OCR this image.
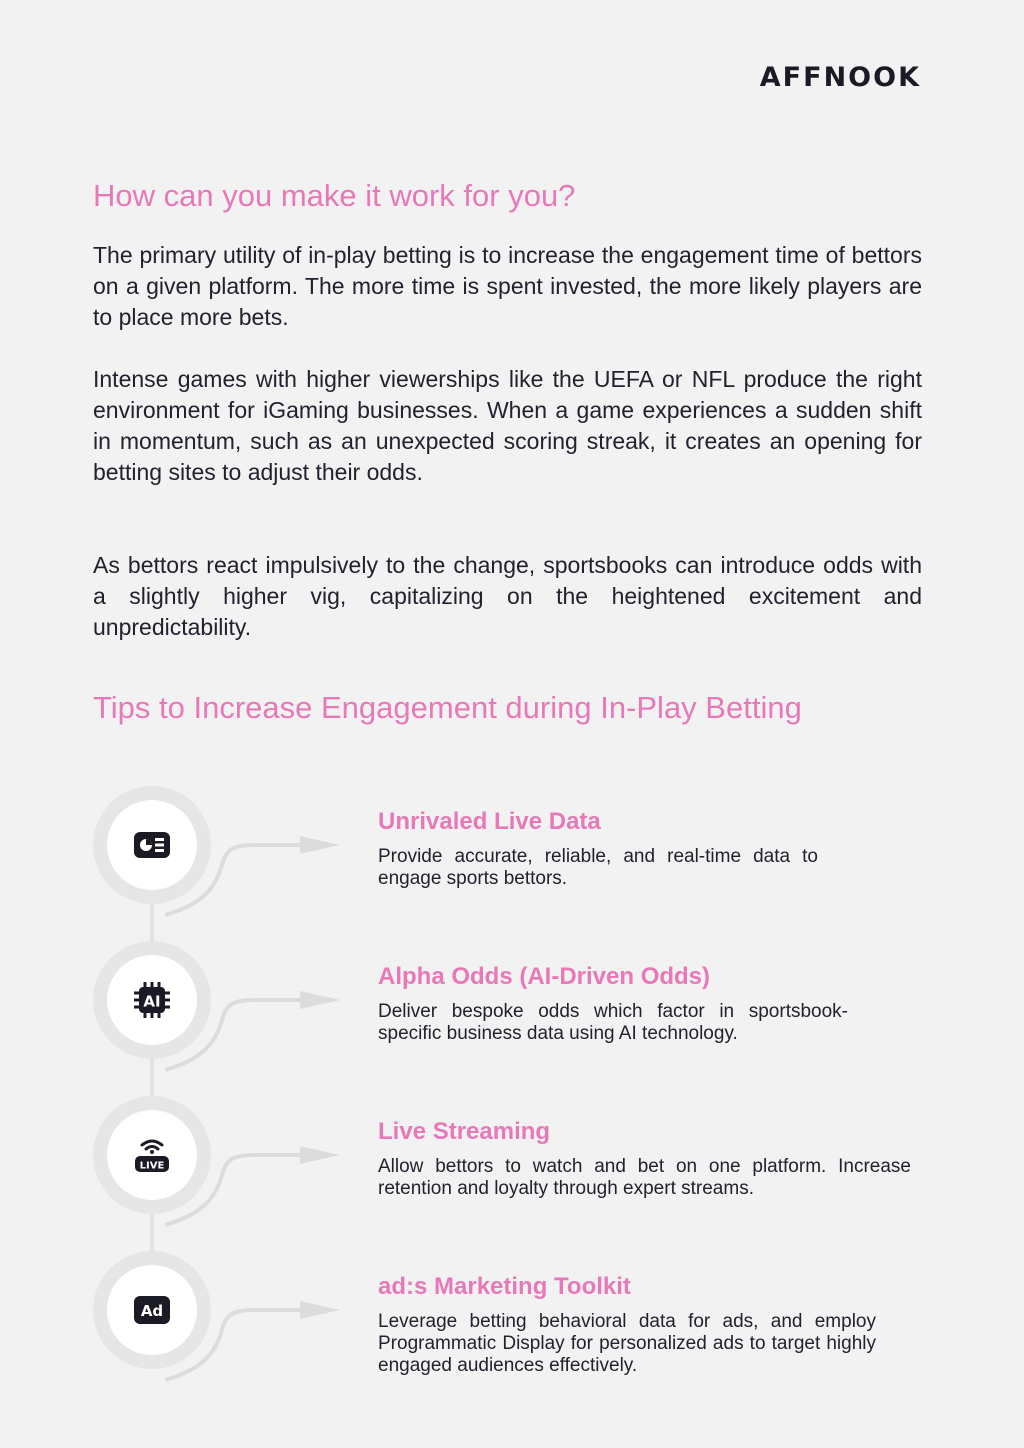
AFFNOOK
How can you make it work for you?

The primary utility of in-play betting is to increase the engagement time of bettors on a given platform. The more time is spent invested, the more likely players are to place more bets.

Intense games with higher viewerships like the UEFA or NFL produce the right environment for iGaming businesses. When a game experiences a sudden shift in momentum, such as an unexpected scoring streak, it creates an opening for betting sites to adjust their odds.

As bettors react impulsively to the change, sportsbooks can introduce odds with a slightly higher vig, capitalizing on the heightened excitement and unpredictability.

Tips to Increase Engagement during In-Play Betting
Unrivaled Live Data

Provide accurate, reliable, and real-time data to engage sports bettors.

AI
Alpha Odds (AI-Driven Odds)

Deliver bespoke odds which factor in sportsbook-specific business data using AI technology.

LIVE
Live Streaming

Allow bettors to watch and bet on one platform. Increase retention and loyalty through expert streams.

Ad
ad:s Marketing Toolkit

Leverage betting behavioral data for ads, and employ Programmatic Display for personalized ads to target highly engaged audiences effectively.
